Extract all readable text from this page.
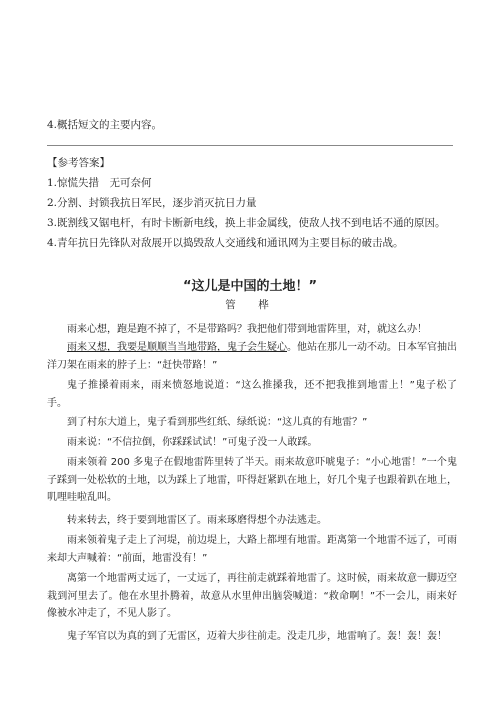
4.概括短文的主要内容。
【参考答案】
1.惊慌失措　无可奈何
2.分割、封锁我抗日军民，逐步消灭抗日力量
3.既割线又锯电杆，有时卡断新电线，换上非金属线，使敌人找不到电话不通的原因。
4.青年抗日先锋队对敌展开以捣毁敌人交通线和通讯网为主要目标的破击战。
“这儿是中国的土地！”
管　桦
雨来心想，跑是跑不掉了，不是带路吗？我把他们带到地雷阵里，对，就这么办！
雨来又想，我要是顺顺当当地带路，鬼子会生疑心。他站在那儿一动不动。日本军官抽出洋刀架在雨来的脖子上：“赶快带路！”
鬼子推搡着雨来，雨来愤怒地说道：“这么推搡我，还不把我推到地雷上！”鬼子松了手。
到了村东大道上，鬼子看到那些红纸、绿纸说：“这儿真的有地雷？”
雨来说：“不信拉倒，你踩踩试试！”可鬼子没一人敢踩。
雨来领着 200 多鬼子在假地雷阵里转了半天。雨来故意吓唬鬼子：“小心地雷！”一个鬼子踩到一处松软的土地，以为踩上了地雷，吓得赶紧趴在地上，好几个鬼子也跟着趴在地上，叽哩哇啦乱叫。
转来转去，终于要到地雷区了。雨来琢磨得想个办法逃走。
雨来领着鬼子走上了河堤，前边堤上，大路上都埋有地雷。距离第一个地雷不远了，可雨来却大声喊着：“前面，地雷没有！”
离第一个地雷两丈远了，一丈远了，再往前走就踩着地雷了。这时候，雨来故意一脚迈空栽到河里去了。他在水里扑腾着，故意从水里伸出脑袋喊道：“救命啊！”不一会儿，雨来好像被水冲走了，不见人影了。
鬼子军官以为真的到了无雷区，迈着大步往前走。没走几步，地雷响了。轰！轰！轰！
